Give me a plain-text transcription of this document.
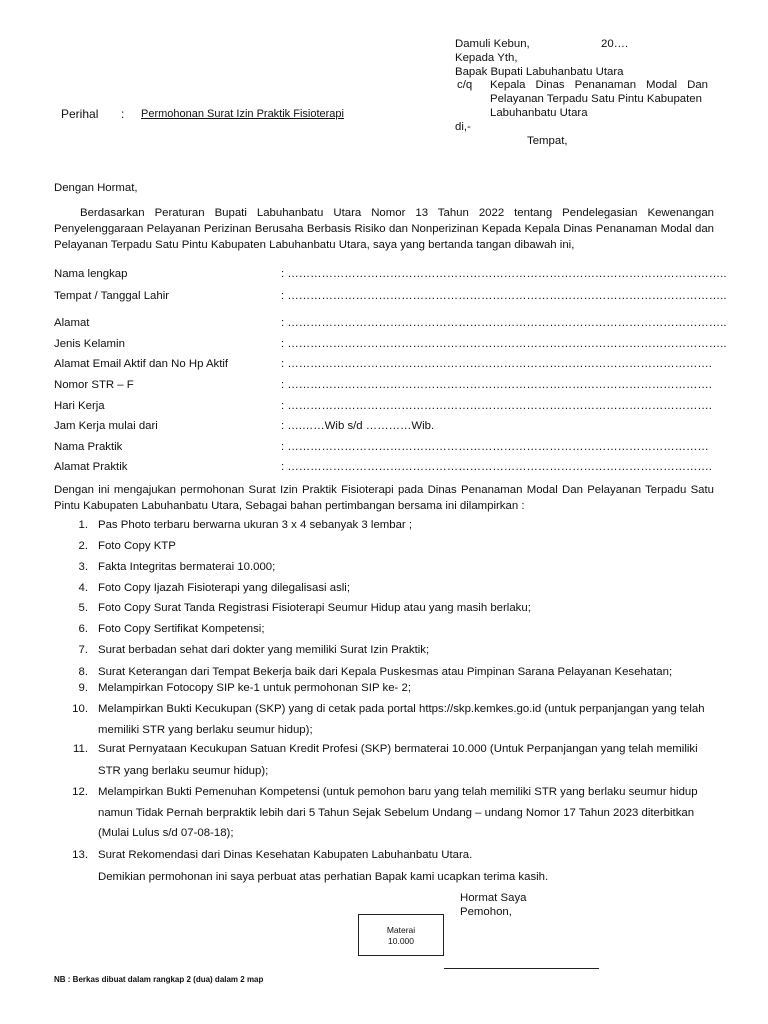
Damuli Kebun,	20….
Kepada Yth,
Bapak Bupati Labuhanbatu Utara
c/q Kepala Dinas Penanaman Modal Dan
Pelayanan Terpadu Satu Pintu Kabupaten
Labuhanbatu Utara
di,-
Tempat,
Perihal : Permohonan Surat Izin Praktik Fisioterapi
Dengan Hormat,
Berdasarkan Peraturan Bupati Labuhanbatu Utara Nomor 13 Tahun 2022 tentang Pendelegasian Kewenangan Penyelenggaraan Pelayanan Perizinan Berusaha Berbasis Risiko dan Nonperizinan Kepada Kepala Dinas Penanaman Modal dan Pelayanan Terpadu Satu Pintu Kabupaten Labuhanbatu Utara, saya yang bertanda tangan dibawah ini,
Nama lengkap	: ……………………………………………………………………………………………………..
Tempat / Tanggal Lahir	: ……………………………………………………………………………………………………..
Alamat	: ……………………………………………………………………………………………………..
Jenis Kelamin	: ……………………………………………………………………………………………………..
Alamat Email Aktif dan No Hp Aktif	: ………………………………………………………………………………………………….
Nomor STR – F	: ………………………………………………………………………………………………….
Hari Kerja	: ………………………………………………………………………………………………….
Jam Kerja mulai dari	: ….……Wib s/d …………Wib.
Nama Praktik	: …………………………………………………………………………………………………
Alamat Praktik	: ………………………………………………………………………………………………….
Dengan ini mengajukan permohonan Surat Izin Praktik Fisioterapi pada Dinas Penanaman Modal Dan Pelayanan Terpadu Satu Pintu Kabupaten Labuhanbatu Utara, Sebagai bahan pertimbangan bersama ini dilampirkan :
1. Pas Photo terbaru berwarna ukuran 3 x 4 sebanyak 3 lembar ;
2. Foto Copy KTP
3. Fakta Integritas bermaterai 10.000;
4. Foto Copy Ijazah Fisioterapi yang dilegalisasi asli;
5. Foto Copy Surat Tanda Registrasi Fisioterapi Seumur Hidup atau yang masih berlaku;
6. Foto Copy Sertifikat Kompetensi;
7. Surat berbadan sehat dari dokter yang memiliki Surat Izin Praktik;
8. Surat Keterangan dari Tempat Bekerja baik dari Kepala Puskesmas atau Pimpinan Sarana Pelayanan Kesehatan;
9. Melampirkan Fotocopy SIP ke-1 untuk permohonan SIP ke- 2;
10. Melampirkan Bukti Kecukupan (SKP) yang di cetak pada portal https://skp.kemkes.go.id (untuk perpanjangan yang telah
memiliki STR yang berlaku seumur hidup);
11. Surat Pernyataan Kecukupan Satuan Kredit Profesi (SKP) bermaterai 10.000 (Untuk Perpanjangan yang telah memiliki
STR yang berlaku seumur hidup);
12. Melampirkan Bukti Pemenuhan Kompetensi (untuk pemohon baru yang telah memiliki STR yang berlaku seumur hidup
namun Tidak Pernah berpraktik lebih dari 5 Tahun Sejak Sebelum Undang – undang Nomor 17 Tahun 2023 diterbitkan
(Mulai Lulus s/d 07-08-18);
13. Surat Rekomendasi dari Dinas Kesehatan Kabupaten Labuhanbatu Utara.
Demikian permohonan ini saya perbuat atas perhatian Bapak kami ucapkan terima kasih.
Hormat Saya
Pemohon,
Materai
10.000
NB : Berkas dibuat dalam rangkap 2 (dua) dalam 2 map
